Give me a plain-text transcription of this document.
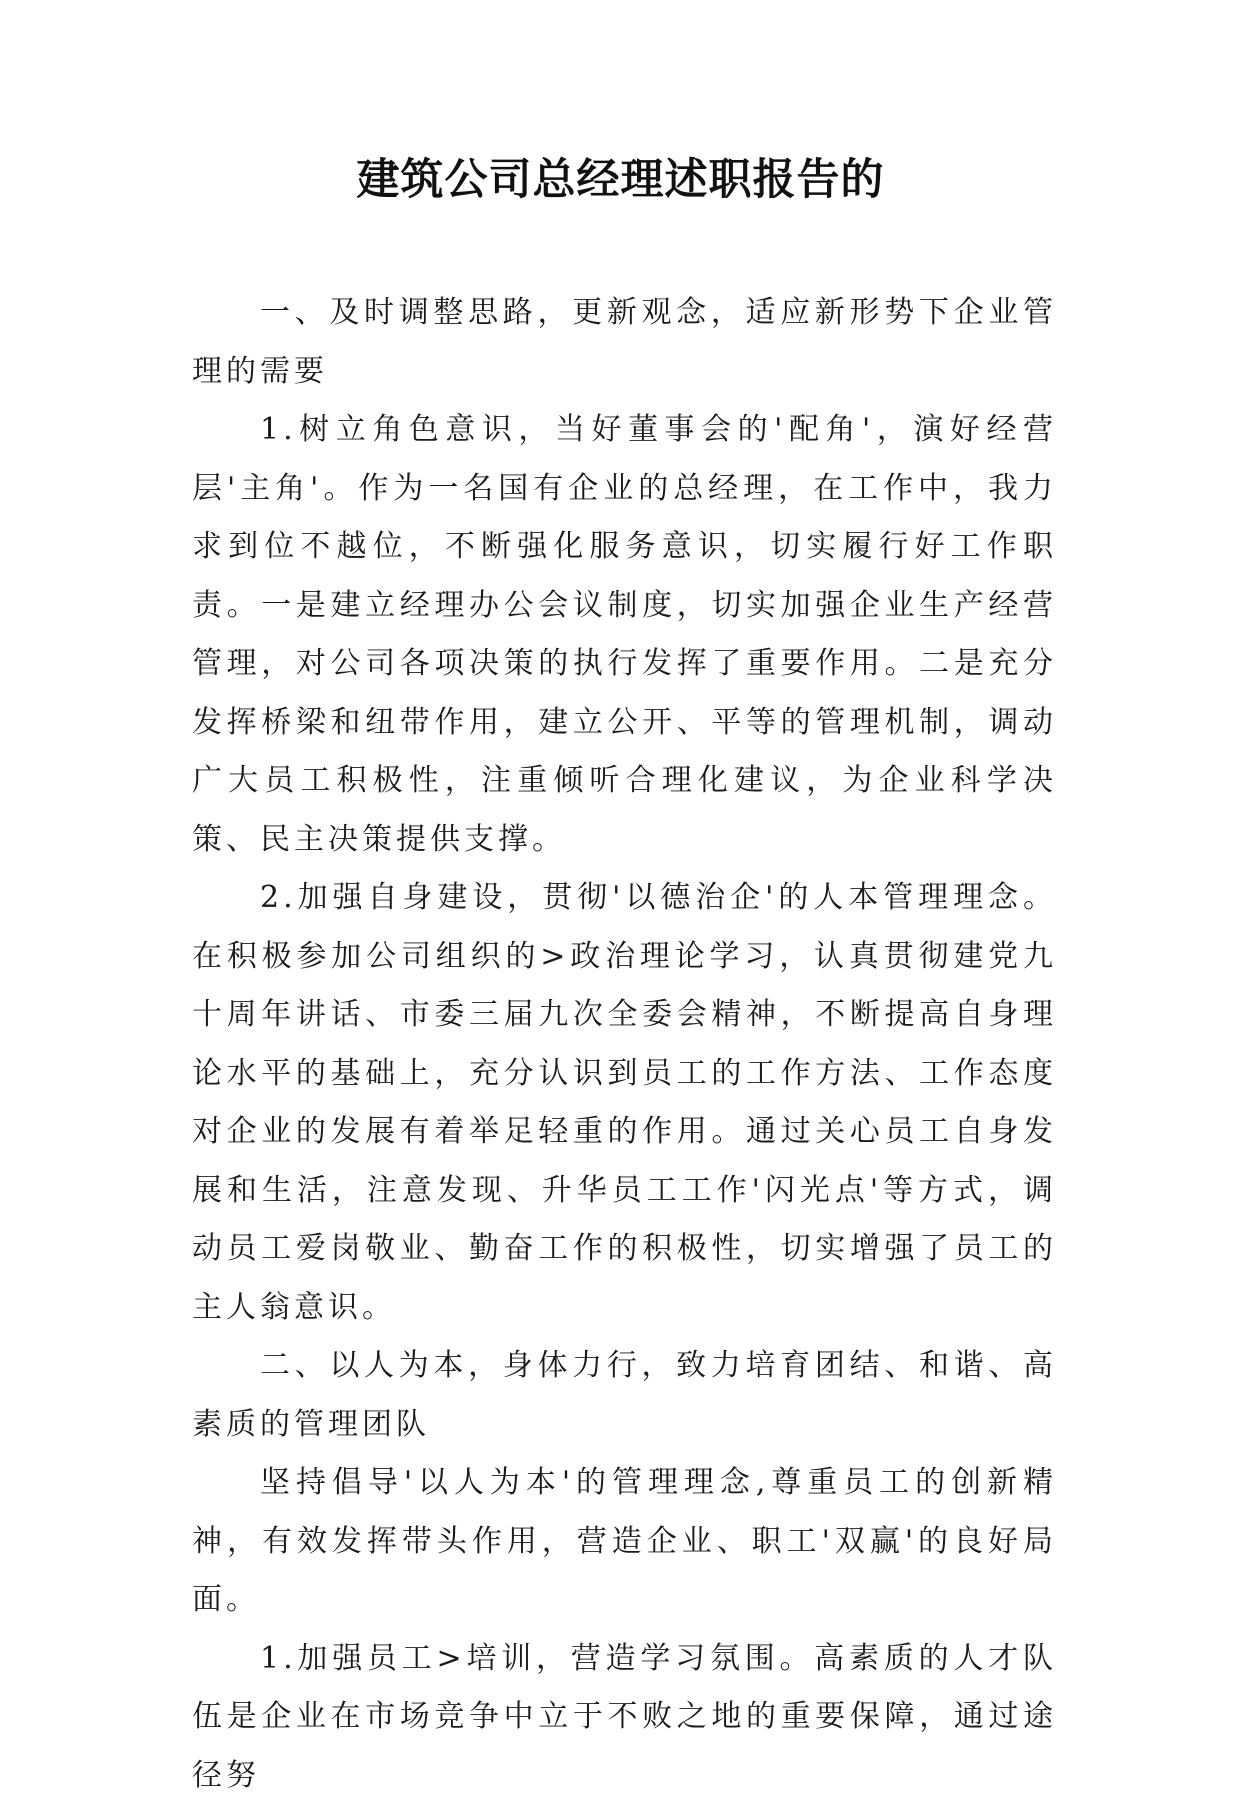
建筑公司总经理述职报告的

一、及时调整思路，更新观念，适应新形势下企业管理的需要

1.树立角色意识，当好董事会的'配角'，演好经营层'主角'。作为一名国有企业的总经理，在工作中，我力求到位不越位，不断强化服务意识，切实履行好工作职责。一是建立经理办公会议制度，切实加强企业生产经营管理，对公司各项决策的执行发挥了重要作用。二是充分发挥桥梁和纽带作用，建立公开、平等的管理机制，调动广大员工积极性，注重倾听合理化建议，为企业科学决策、民主决策提供支撑。

2.加强自身建设，贯彻'以德治企'的人本管理理念。在积极参加公司组织的>政治理论学习，认真贯彻建党九十周年讲话、市委三届九次全委会精神，不断提高自身理论水平的基础上，充分认识到员工的工作方法、工作态度对企业的发展有着举足轻重的作用。通过关心员工自身发展和生活，注意发现、升华员工工作'闪光点'等方式，调动员工爱岗敬业、勤奋工作的积极性，切实增强了员工的主人翁意识。

二、以人为本，身体力行，致力培育团结、和谐、高素质的管理团队

坚持倡导'以人为本'的管理理念,尊重员工的创新精神，有效发挥带头作用，营造企业、职工'双赢'的良好局面。

1.加强员工>培训，营造学习氛围。高素质的人才队伍是企业在市场竞争中立于不败之地的重要保障，通过途径努
